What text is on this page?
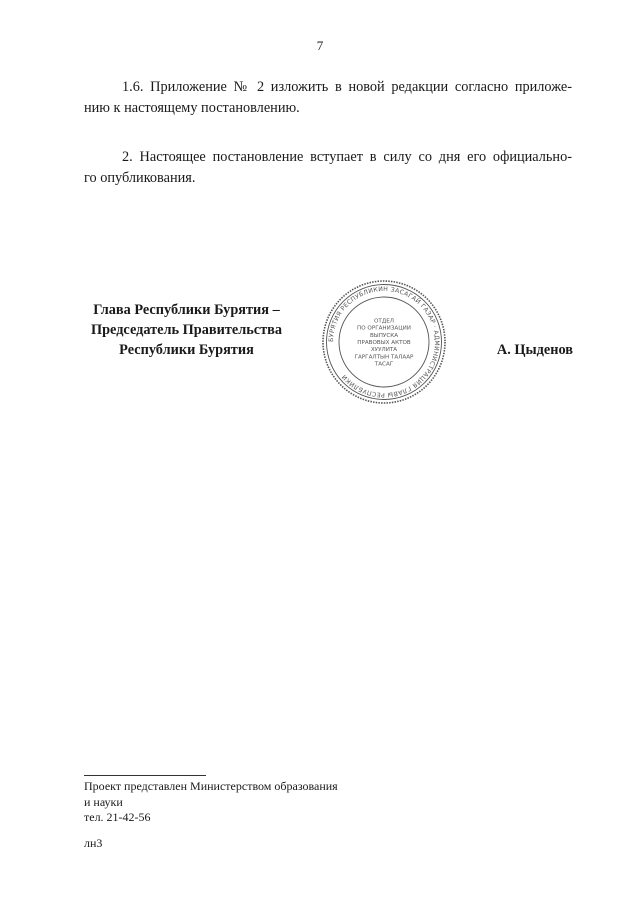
7

1.6. Приложение № 2 изложить в новой редакции согласно приложе-
нию к настоящему постановлению.

2. Настоящее постановление вступает в силу со дня его официально-
го опубликования.

Глава Республики Бурятия –
Председатель Правительства
Республики Бурятия
БУРЯТИЯ РЕСПУБЛИКИН ЗАСАГАЙ ГАЗАР · АДМИНИСТРАЦИЯ ГЛАВЫ РЕСПУБЛИКИ
ОТДЕЛ
ПО ОРГАНИЗАЦИИ
ВЫПУСКА
ПРАВОВЫХ АКТОВ
ХУУЛИТА
ГАРГАЛТЫН ТАЛААР
ТАСАГ
А. Цыденов
Проект представлен Министерством образования
и науки
тел. 21-42-56
лн3
